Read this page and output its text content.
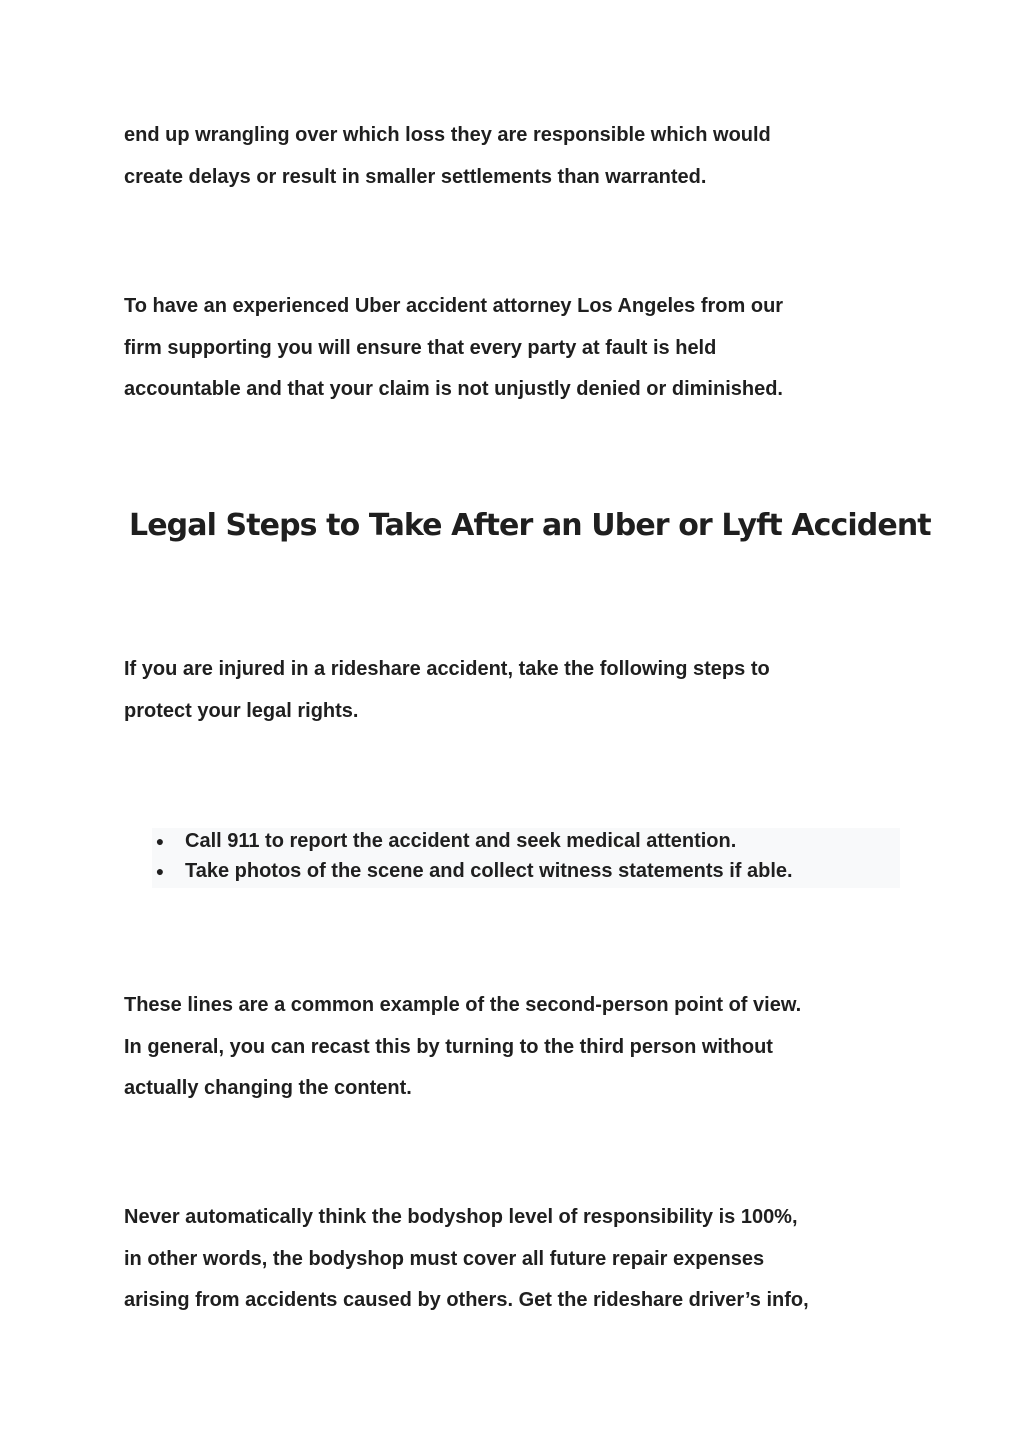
end up wrangling over which loss they are responsible which would
create delays or result in smaller settlements than warranted.

To have an experienced Uber accident attorney Los Angeles from our
firm supporting you will ensure that every party at fault is held
accountable and that your claim is not unjustly denied or diminished.

Legal Steps to Take After an Uber or Lyft Accident

If you are injured in a rideshare accident, take the following steps to
protect your legal rights.

● Call 911 to report the accident and seek medical attention.
● Take photos of the scene and collect witness statements if able.

These lines are a common example of the second-person point of view.
In general, you can recast this by turning to the third person without
actually changing the content.

Never automatically think the bodyshop level of responsibility is 100%,
in other words, the bodyshop must cover all future repair expenses
arising from accidents caused by others. Get the rideshare driver’s info,
